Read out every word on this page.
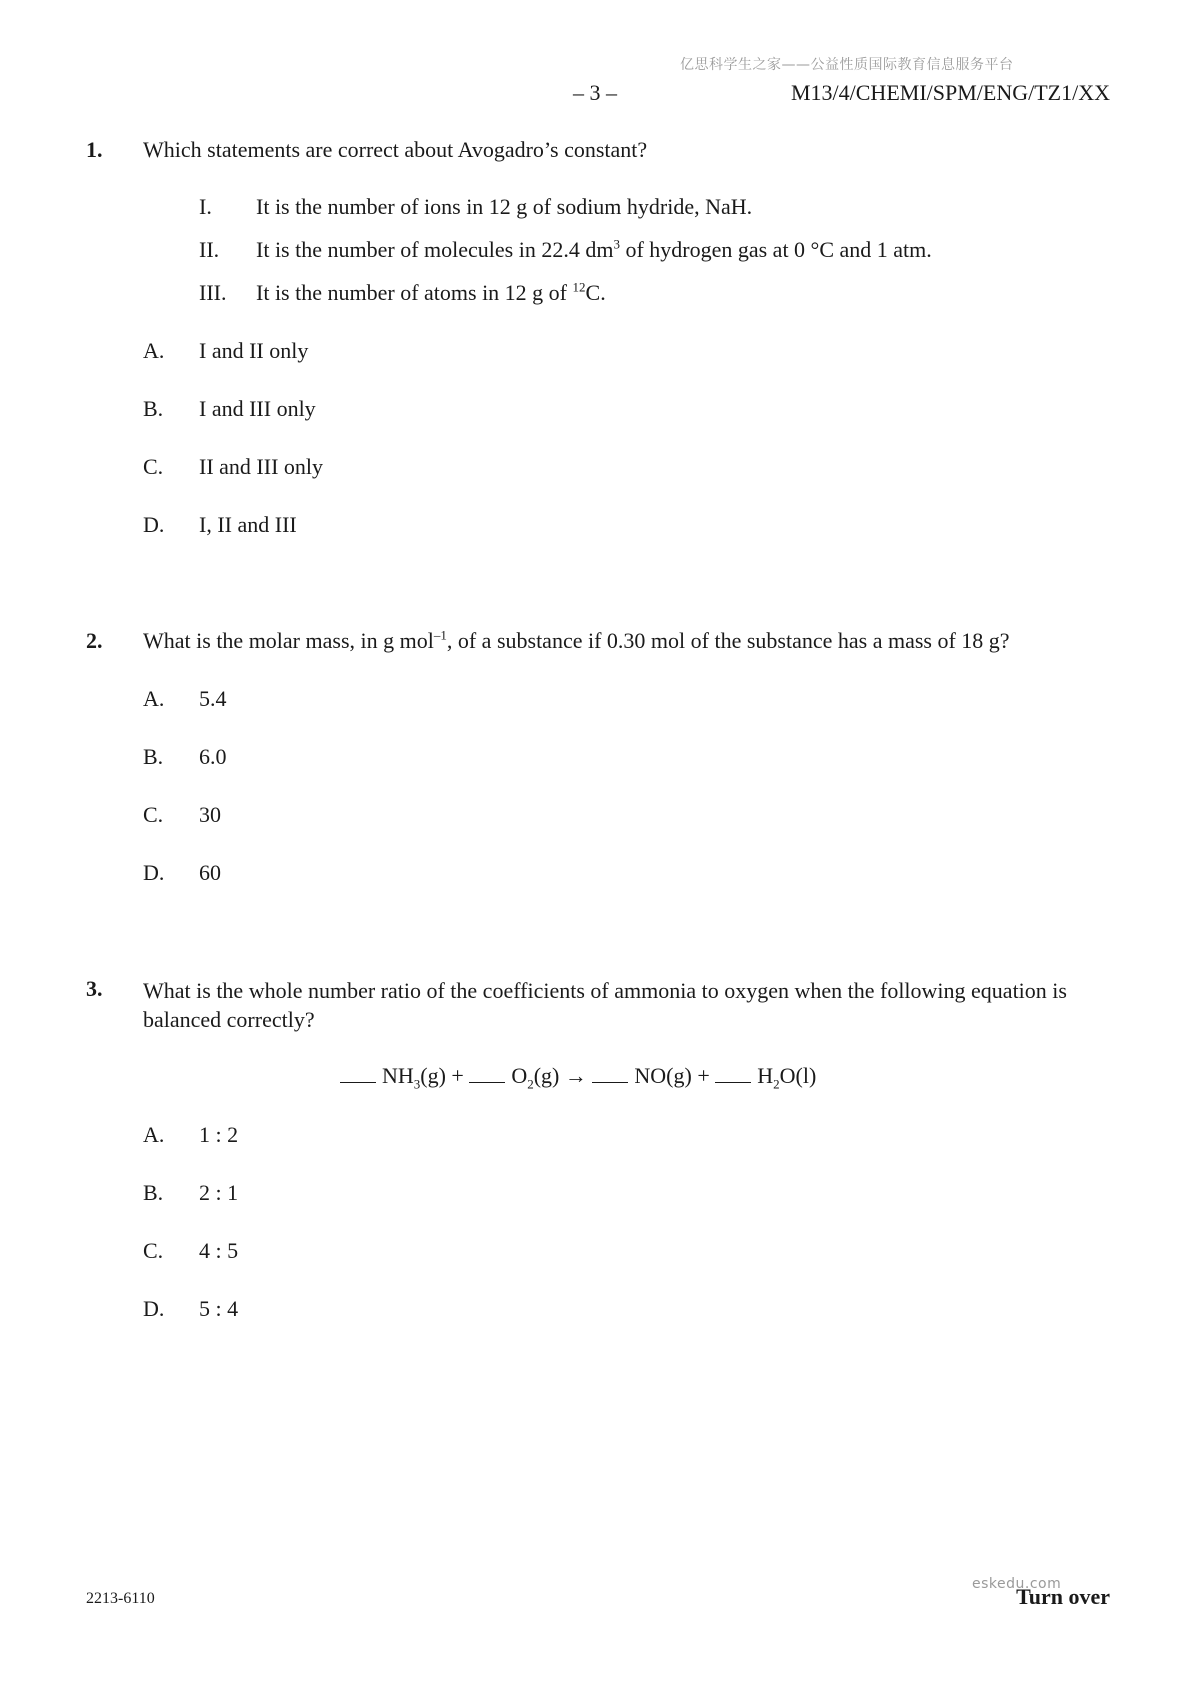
亿思科学生之家——公益性质国际教育信息服务平台
– 3 –	M13/4/CHEMI/SPM/ENG/TZ1/XX
1. Which statements are correct about Avogadro’s constant?
I. It is the number of ions in 12 g of sodium hydride, NaH.
II. It is the number of molecules in 22.4 $dm^3$ of hydrogen gas at 0 °C and 1 atm.
III. It is the number of atoms in 12 g of $^{12}$C.
A. I and II only
B. I and III only
C. II and III only
D. I, II and III
2. What is the molar mass, in g mol$^{-1}$, of a substance if 0.30 mol of the substance has a mass of 18 g?
A. 5.4
B. 6.0
C. 30
D. 60
3. What is the whole number ratio of the coefficients of ammonia to oxygen when the following equation is balanced correctly?
$NH_3(g) + O_2(g) \to NO(g) + H_2O(l)$
A. 1 : 2
B. 2 : 1
C. 4 : 5
D. 5 : 4
2213-6110
eskedu.com
Turn over
